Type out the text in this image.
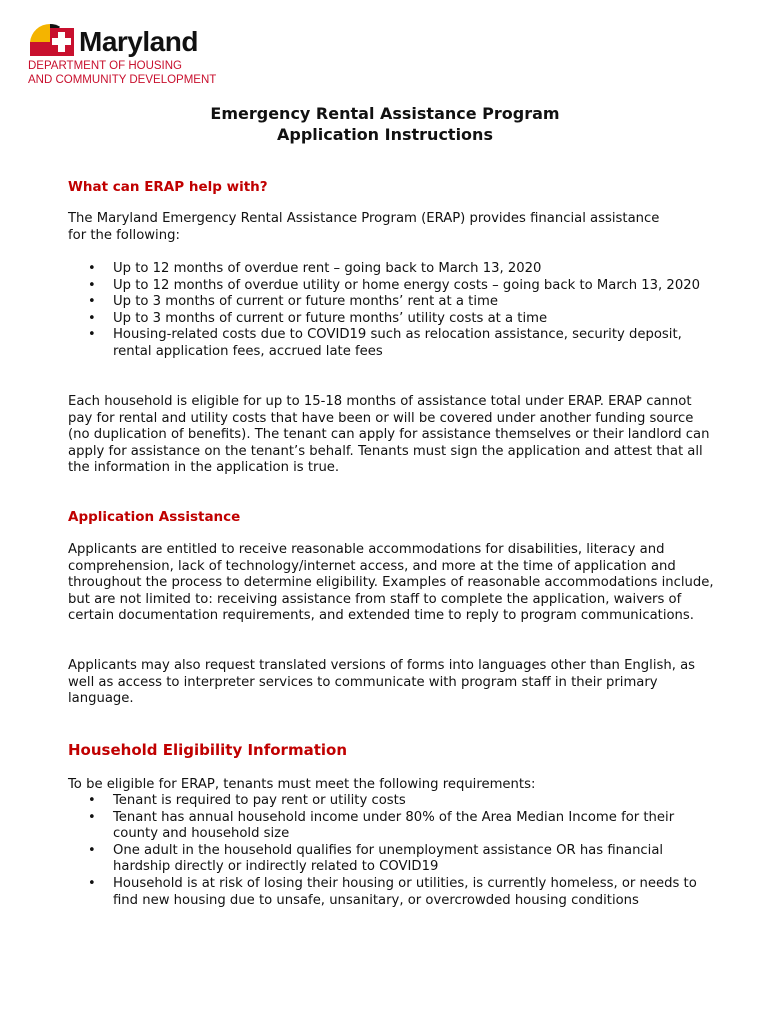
Maryland
DEPARTMENT OF HOUSING
AND COMMUNITY DEVELOPMENT
Emergency Rental Assistance Program
Application Instructions
What can ERAP help with?
The Maryland Emergency Rental Assistance Program (ERAP) provides financial assistance
for the following:
• Up to 12 months of overdue rent – going back to March 13, 2020
• Up to 12 months of overdue utility or home energy costs – going back to March 13, 2020
• Up to 3 months of current or future months’ rent at a time
• Up to 3 months of current or future months’ utility costs at a time
• Housing-related costs due to COVID19 such as relocation assistance, security deposit, rental application fees, accrued late fees
Each household is eligible for up to 15-18 months of assistance total under ERAP. ERAP cannot pay for rental and utility costs that have been or will be covered under another funding source (no duplication of benefits). The tenant can apply for assistance themselves or their landlord can apply for assistance on the tenant’s behalf. Tenants must sign the application and attest that all the information in the application is true.
Application Assistance
Applicants are entitled to receive reasonable accommodations for disabilities, literacy and comprehension, lack of technology/internet access, and more at the time of application and throughout the process to determine eligibility. Examples of reasonable accommodations include, but are not limited to: receiving assistance from staff to complete the application, waivers of certain documentation requirements, and extended time to reply to program communications.
Applicants may also request translated versions of forms into languages other than English, as well as access to interpreter services to communicate with program staff in their primary language.
Household Eligibility Information
To be eligible for ERAP, tenants must meet the following requirements:
• Tenant is required to pay rent or utility costs
• Tenant has annual household income under 80% of the Area Median Income for their county and household size
• One adult in the household qualifies for unemployment assistance OR has financial hardship directly or indirectly related to COVID19
• Household is at risk of losing their housing or utilities, is currently homeless, or needs to find new housing due to unsafe, unsanitary, or overcrowded housing conditions
